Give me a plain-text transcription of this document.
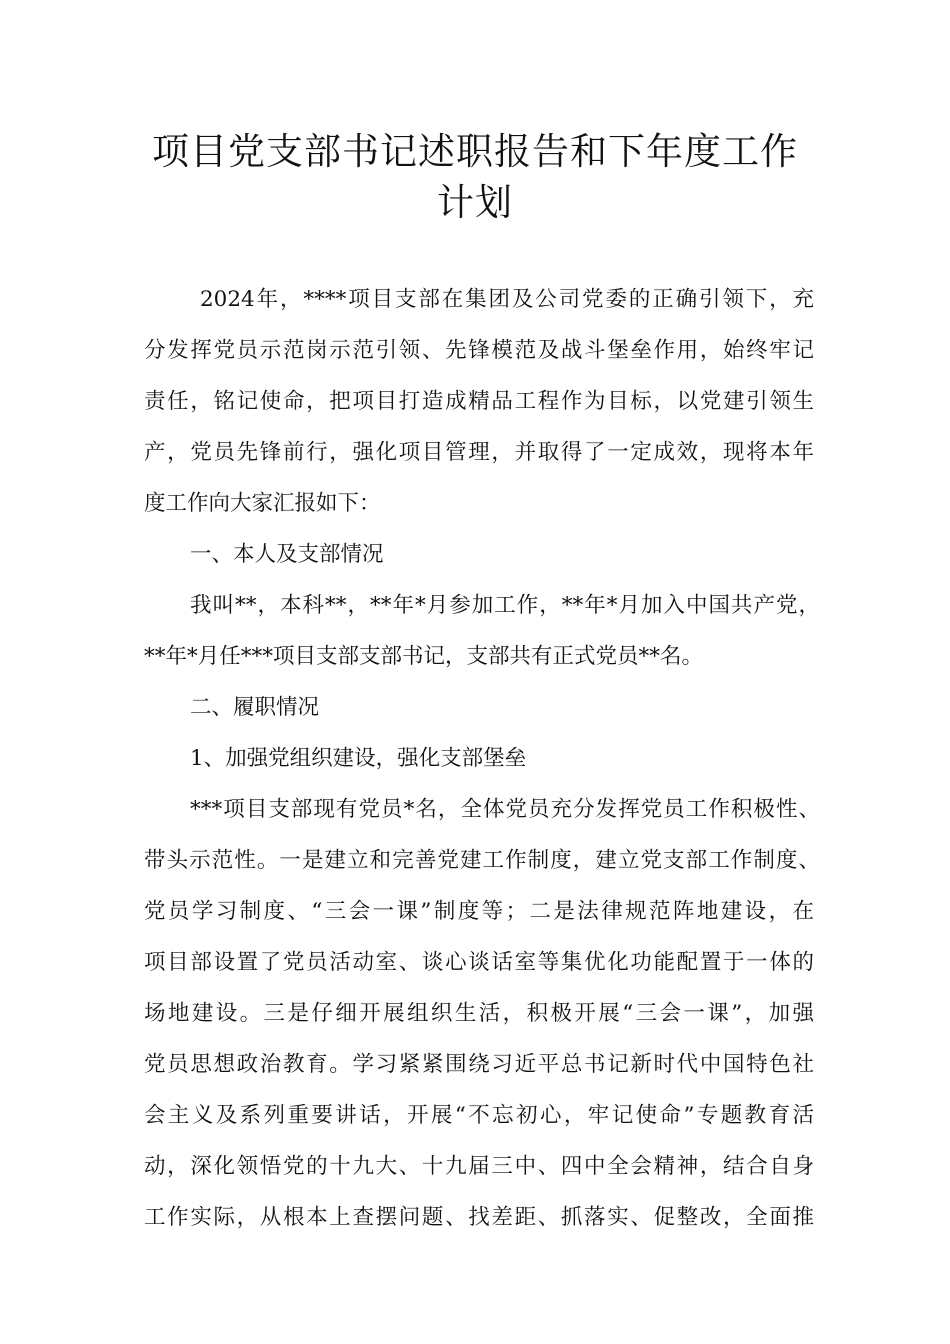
项目党支部书记述职报告和下年度工作
计划

2024年，****项目支部在集团及公司党委的正确引领下，充

分发挥党员示范岗示范引领、先锋模范及战斗堡垒作用，始终牢记

责任，铭记使命，把项目打造成精品工程作为目标，以党建引领生

产，党员先锋前行，强化项目管理，并取得了一定成效，现将本年

度工作向大家汇报如下：

一、本人及支部情况

我叫**，本科**，**年*月参加工作，**年*月加入中国共产党，

**年*月任***项目支部支部书记，支部共有正式党员**名。

二、履职情况

1、加强党组织建设，强化支部堡垒

***项目支部现有党员*名，全体党员充分发挥党员工作积极性、

带头示范性。一是建立和完善党建工作制度，建立党支部工作制度、

党员学习制度、“三会一课”制度等；二是法律规范阵地建设，在

项目部设置了党员活动室、谈心谈话室等集优化功能配置于一体的

场地建设。三是仔细开展组织生活，积极开展“三会一课”，加强

党员思想政治教育。学习紧紧围绕习近平总书记新时代中国特色社

会主义及系列重要讲话，开展“不忘初心，牢记使命”专题教育活

动，深化领悟党的十九大、十九届三中、四中全会精神，结合自身

工作实际，从根本上查摆问题、找差距、抓落实、促整改，全面推
